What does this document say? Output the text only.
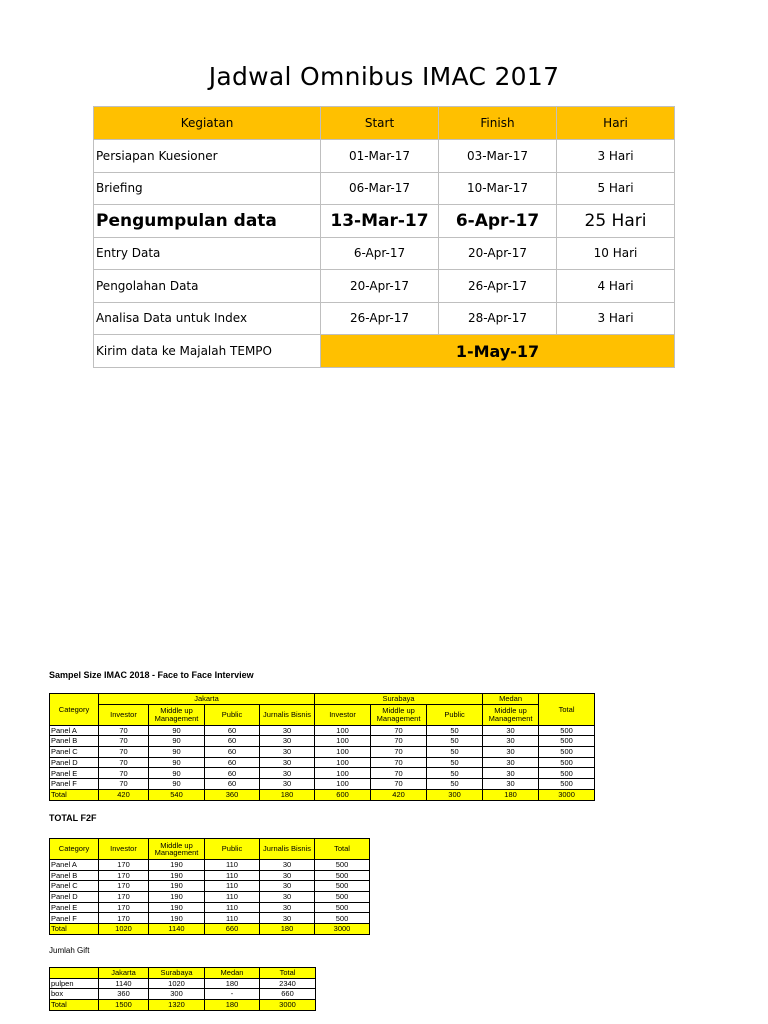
Jadwal Omnibus IMAC 2017
Kegiatan	Start	Finish	Hari
Persiapan Kuesioner	01-Mar-17	03-Mar-17	3 Hari
Briefing	06-Mar-17	10-Mar-17	5 Hari
Pengumpulan data	13-Mar-17	6-Apr-17	25 Hari
Entry Data	6-Apr-17	20-Apr-17	10 Hari
Pengolahan Data	20-Apr-17	26-Apr-17	4 Hari
Analisa Data untuk Index	26-Apr-17	28-Apr-17	3 Hari
Kirim data ke Majalah TEMPO	1-May-17		
Sampel Size IMAC 2018 - Face to Face Interview
Category	Jakarta				Surabaya			Medan	Total
	Investor	Middle up Management	Public	Jurnalis Bisnis	Investor	Middle up Management	Public	Middle up Management	
Panel A	70	90	60	30	100	70	50	30	500
Panel B	70	90	60	30	100	70	50	30	500
Panel C	70	90	60	30	100	70	50	30	500
Panel D	70	90	60	30	100	70	50	30	500
Panel E	70	90	60	30	100	70	50	30	500
Panel F	70	90	60	30	100	70	50	30	500
Total	420	540	360	180	600	420	300	180	3000
TOTAL F2F
Category	Investor	Middle up Management	Public	Jurnalis Bisnis	Total
Panel A	170	190	110	30	500
Panel B	170	190	110	30	500
Panel C	170	190	110	30	500
Panel D	170	190	110	30	500
Panel E	170	190	110	30	500
Panel F	170	190	110	30	500
Total	1020	1140	660	180	3000
Jumlah Gift
	Jakarta	Surabaya	Medan	Total
pulpen	1140	1020	180	2340
box	360	300	-	660
Total	1500	1320	180	3000
